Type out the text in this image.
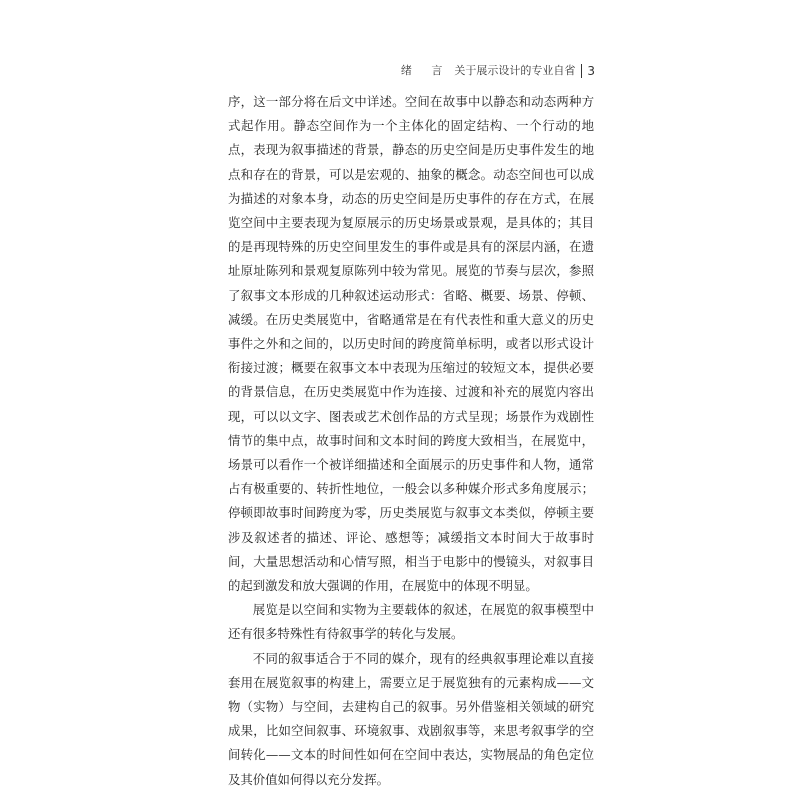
绪 言 关于展示设计的专业自省 3

序，这一部分将在后文中详述。空间在故事中以静态和动态两种方式起作用。静态空间作为一个主体化的固定结构、一个行动的地点，表现为叙事描述的背景，静态的历史空间是历史事件发生的地点和存在的背景，可以是宏观的、抽象的概念。动态空间也可以成为描述的对象本身，动态的历史空间是历史事件的存在方式，在展览空间中主要表现为复原展示的历史场景或景观，是具体的；其目的是再现特殊的历史空间里发生的事件或是具有的深层内涵，在遗址原址陈列和景观复原陈列中较为常见。展览的节奏与层次，参照了叙事文本形成的几种叙述运动形式：省略、概要、场景、停顿、减缓。在历史类展览中，省略通常是在有代表性和重大意义的历史事件之外和之间的，以历史时间的跨度简单标明，或者以形式设计衔接过渡；概要在叙事文本中表现为压缩过的较短文本，提供必要的背景信息，在历史类展览中作为连接、过渡和补充的展览内容出现，可以以文字、图表或艺术创作品的方式呈现；场景作为戏剧性情节的集中点，故事时间和文本时间的跨度大致相当，在展览中，场景可以看作一个被详细描述和全面展示的历史事件和人物，通常占有极重要的、转折性地位，一般会以多种媒介形式多角度展示；停顿即故事时间跨度为零，历史类展览与叙事文本类似，停顿主要涉及叙述者的描述、评论、感想等；减缓指文本时间大于故事时间，大量思想活动和心情写照，相当于电影中的慢镜头，对叙事目的起到激发和放大强调的作用，在展览中的体现不明显。

展览是以空间和实物为主要载体的叙述，在展览的叙事模型中还有很多特殊性有待叙事学的转化与发展。

不同的叙事适合于不同的媒介，现有的经典叙事理论难以直接套用在展览叙事的构建上，需要立足于展览独有的元素构成——文物（实物）与空间，去建构自己的叙事。另外借鉴相关领域的研究成果，比如空间叙事、环境叙事、戏剧叙事等，来思考叙事学的空间转化——文本的时间性如何在空间中表达，实物展品的角色定位及其价值如何得以充分发挥。
